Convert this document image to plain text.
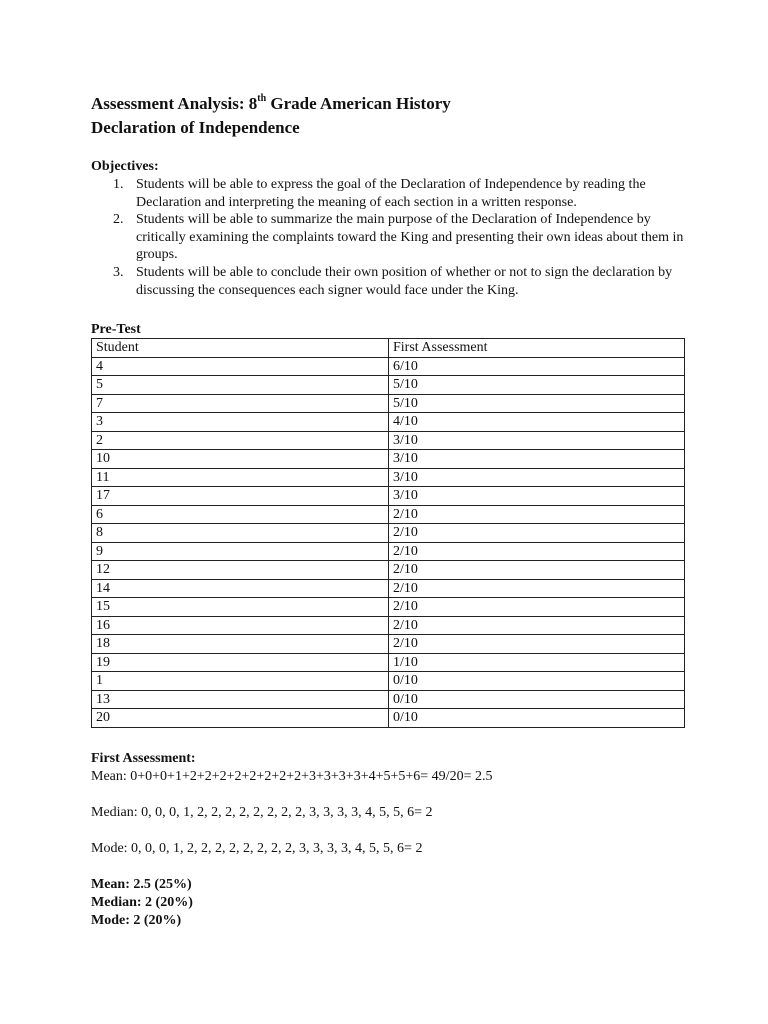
Assessment Analysis: 8th Grade American History
Declaration of Independence
Objectives:
1. Students will be able to express the goal of the Declaration of Independence by reading the Declaration and interpreting the meaning of each section in a written response.
2. Students will be able to summarize the main purpose of the Declaration of Independence by critically examining the complaints toward the King and presenting their own ideas about them in groups.
3. Students will be able to conclude their own position of whether or not to sign the declaration by discussing the consequences each signer would face under the King.
Pre-Test
Student	First Assessment
4	6/10
5	5/10
7	5/10
3	4/10
2	3/10
10	3/10
11	3/10
17	3/10
6	2/10
8	2/10
9	2/10
12	2/10
14	2/10
15	2/10
16	2/10
18	2/10
19	1/10
1	0/10
13	0/10
20	0/10
First Assessment:
Mean: 0+0+0+1+2+2+2+2+2+2+2+2+3+3+3+3+4+5+5+6= 49/20= 2.5
Median: 0, 0, 0, 1, 2, 2, 2, 2, 2, 2, 2, 2, 3, 3, 3, 3, 4, 5, 5, 6= 2
Mode: 0, 0, 0, 1, 2, 2, 2, 2, 2, 2, 2, 2, 3, 3, 3, 3, 4, 5, 5, 6= 2
Mean: 2.5 (25%)
Median: 2 (20%)
Mode: 2 (20%)
